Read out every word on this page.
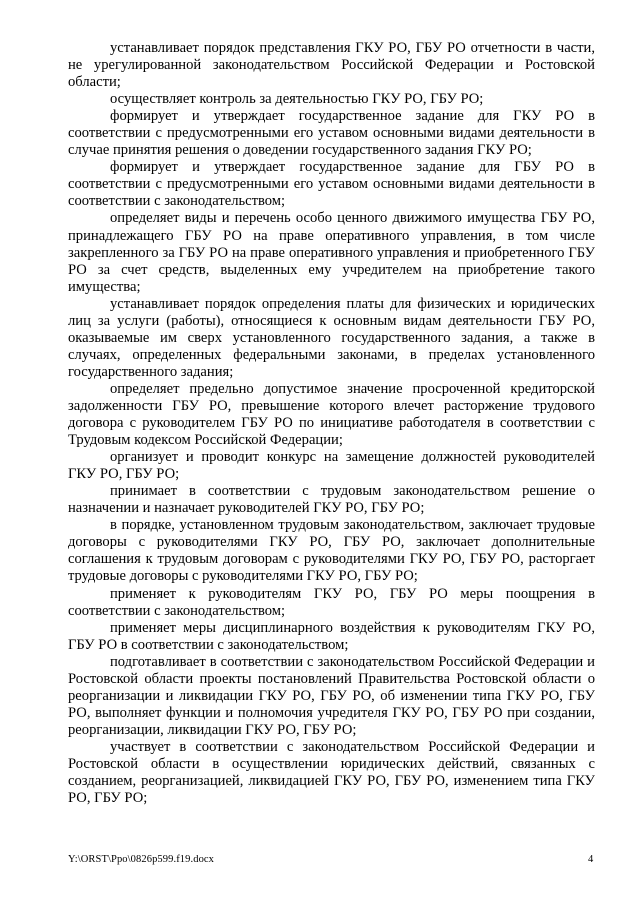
устанавливает порядок представления ГКУ РО, ГБУ РО отчетности в части, не урегулированной законодательством Российской Федерации и Ростовской области;

осуществляет контроль за деятельностью ГКУ РО, ГБУ РО;

формирует и утверждает государственное задание для ГКУ РО в соответствии с предусмотренными его уставом основными видами деятельности в случае принятия решения о доведении государственного задания ГКУ РО;

формирует и утверждает государственное задание для ГБУ РО в соответствии с предусмотренными его уставом основными видами деятельности в соответствии с законодательством;

определяет виды и перечень особо ценного движимого имущества ГБУ РО, принадлежащего ГБУ РО на праве оперативного управления, в том числе закрепленного за ГБУ РО на праве оперативного управления и приобретенного ГБУ РО за счет средств, выделенных ему учредителем на приобретение такого имущества;

устанавливает порядок определения платы для физических и юридических лиц за услуги (работы), относящиеся к основным видам деятельности ГБУ РО, оказываемые им сверх установленного государственного задания, а также в случаях, определенных федеральными законами, в пределах установленного государственного задания;

определяет предельно допустимое значение просроченной кредиторской задолженности ГБУ РО, превышение которого влечет расторжение трудового договора с руководителем ГБУ РО по инициативе работодателя в соответствии с Трудовым кодексом Российской Федерации;

организует и проводит конкурс на замещение должностей руководителей ГКУ РО, ГБУ РО;

принимает в соответствии с трудовым законодательством решение о назначении и назначает руководителей ГКУ РО, ГБУ РО;

в порядке, установленном трудовым законодательством, заключает трудовые договоры с руководителями ГКУ РО, ГБУ РО, заключает дополнительные соглашения к трудовым договорам с руководителями ГКУ РО, ГБУ РО, расторгает трудовые договоры с руководителями ГКУ РО, ГБУ РО;

применяет к руководителям ГКУ РО, ГБУ РО меры поощрения в соответствии с законодательством;

применяет меры дисциплинарного воздействия к руководителям ГКУ РО, ГБУ РО в соответствии с законодательством;

подготавливает в соответствии с законодательством Российской Федерации и Ростовской области проекты постановлений Правительства Ростовской области о реорганизации и ликвидации ГКУ РО, ГБУ РО, об изменении типа ГКУ РО, ГБУ РО, выполняет функции и полномочия учредителя ГКУ РО, ГБУ РО при создании, реорганизации, ликвидации ГКУ РО, ГБУ РО;

участвует в соответствии с законодательством Российской Федерации и Ростовской области в осуществлении юридических действий, связанных с созданием, реорганизацией, ликвидацией ГКУ РО, ГБУ РО, изменением типа ГКУ РО, ГБУ РО;

Y:\ORST\Ppo\0826p599.f19.docx	4
